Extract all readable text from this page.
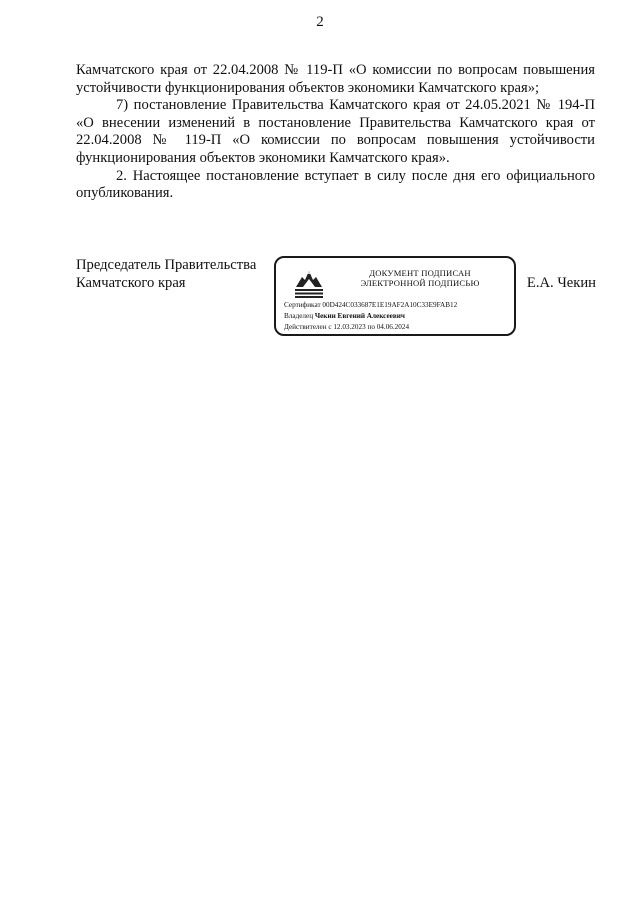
2

Камчатского края от 22.04.2008 № 119-П «О комиссии по вопросам повышения устойчивости функционирования объектов экономики Камчатского края»;

7) постановление Правительства Камчатского края от 24.05.2021 № 194-П «О внесении изменений в постановление Правительства Камчатского края от 22.04.2008 № 119-П «О комиссии по вопросам повышения устойчивости функционирования объектов экономики Камчатского края».

2. Настоящее постановление вступает в силу после дня его официального опубликования.

Председатель Правительства
Камчатского края
ДОКУМЕНТ ПОДПИСАН
ЭЛЕКТРОННОЙ ПОДПИСЬЮ
Сертификат 00D424C033687E1E19AF2A10C33E9FAB12
Владелец Чекин Евгений Алексеевич
Действителен с 12.03.2023 по 04.06.2024
Е.А. Чекин
